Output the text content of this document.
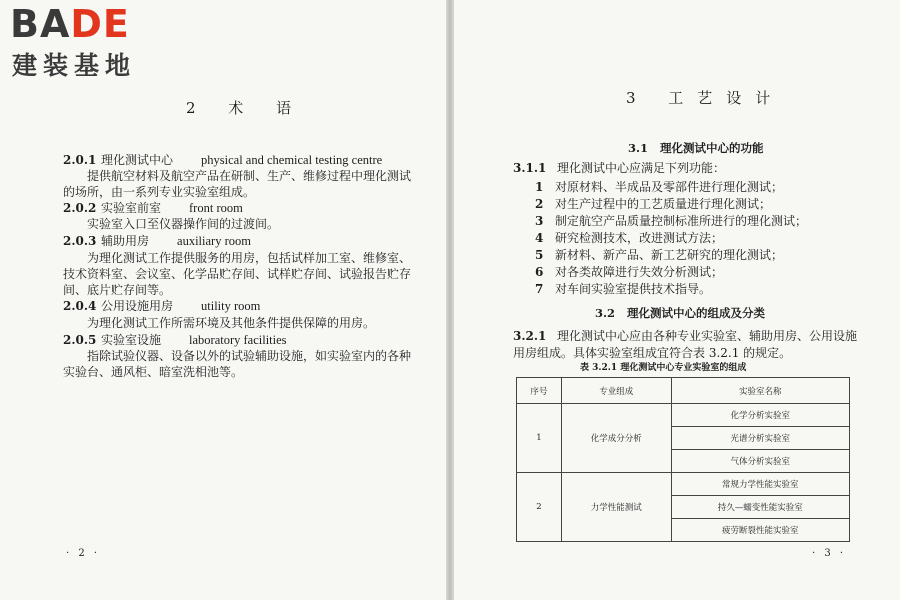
BADE
建装基地
2 术 语
2.0.1 理化测试中心 physical and chemical testing centre
提供航空材料及航空产品在研制、生产、维修过程中理化测试
的场所，由一系列专业实验室组成。
2.0.2 实验室前室 front room
实验室入口至仪器操作间的过渡间。
2.0.3 辅助用房 auxiliary room
为理化测试工作提供服务的用房，包括试样加工室、维修室、
技术资料室、会议室、化学品贮存间、试样贮存间、试验报告贮存
间、底片贮存间等。
2.0.4 公用设施用房 utility room
为理化测试工作所需环境及其他条件提供保障的用房。
2.0.5 实验室设施 laboratory facilities
指除试验仪器、设备以外的试验辅助设施，如实验室内的各种
实验台、通风柜、暗室洗相池等。
· 2 ·
3 工艺设计
3.1 理化测试中心的功能
3.1.1 理化测试中心应满足下列功能：
1 对原材料、半成品及零部件进行理化测试；
2 对生产过程中的工艺质量进行理化测试；
3 制定航空产品质量控制标准所进行的理化测试；
4 研究检测技术，改进测试方法；
5 新材料、新产品、新工艺研究的理化测试；
6 对各类故障进行失效分析测试；
7 对车间实验室提供技术指导。
3.2 理化测试中心的组成及分类
3.2.1 理化测试中心应由各种专业实验室、辅助用房、公用设施
用房组成。具体实验室组成宜符合表 3.2.1 的规定。
表 3.2.1 理化测试中心专业实验室的组成
序号	专业组成	实验室名称
1	化学成分分析	化学分析实验室
		光谱分析实验室
		气体分析实验室
2	力学性能测试	常规力学性能实验室
		持久—蠕变性能实验室
		疲劳断裂性能实验室
· 3 ·
